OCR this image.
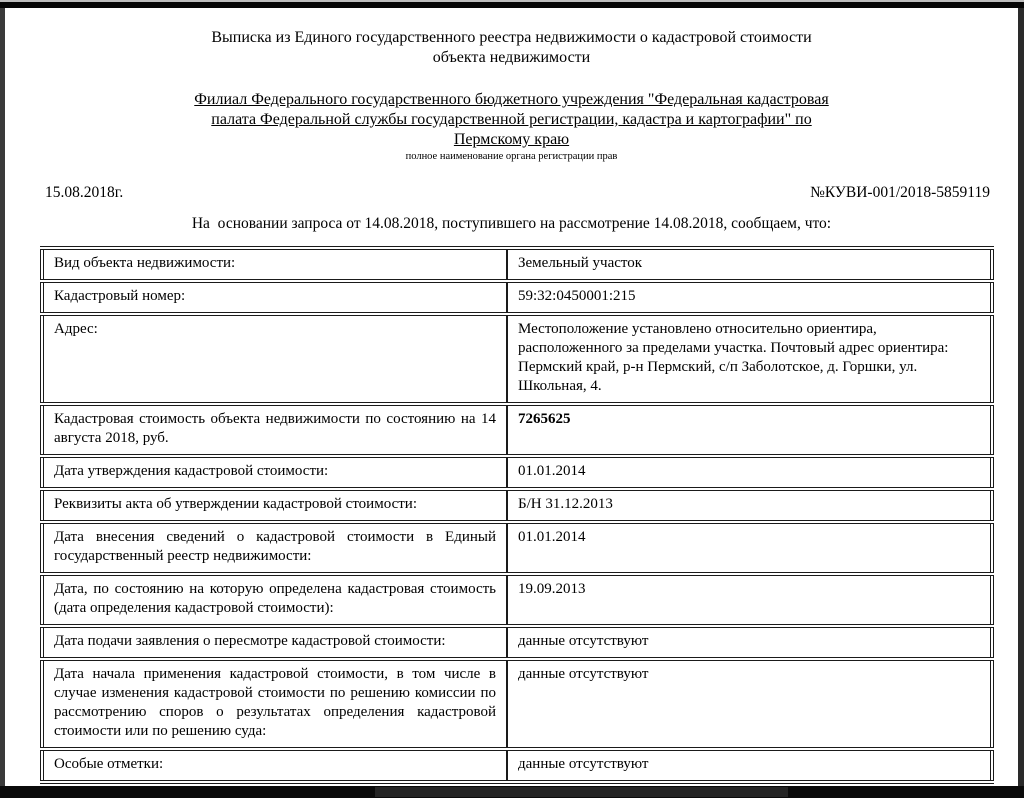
Выписка из Единого государственного реестра недвижимости о кадастровой стоимости
объекта недвижимости
Филиал Федерального государственного бюджетного учреждения "Федеральная кадастровая
палата Федеральной службы государственной регистрации, кадастра и картографии" по
Пермскому краю
полное наименование органа регистрации прав
15.08.2018г.	№КУВИ-001/2018-5859119
На  основании запроса от 14.08.2018, поступившего на рассмотрение 14.08.2018, сообщаем, что:
Вид объекта недвижимости:	Земельный участок
Кадастровый номер:	59:32:0450001:215
Адрес:	Местоположение установлено относительно ориентира, расположенного за пределами участка. Почтовый адрес ориентира: Пермский край, р-н Пермский, с/п Заболотское, д. Горшки, ул. Школьная, 4.
Кадастровая стоимость объекта недвижимости по состоянию на 14 августа 2018, руб.	7265625
Дата утверждения кадастровой стоимости:	01.01.2014
Реквизиты акта об утверждении кадастровой стоимости:	Б/Н 31.12.2013
Дата внесения сведений о кадастровой стоимости в Единый государственный реестр недвижимости:	01.01.2014
Дата, по состоянию на которую определена кадастровая стоимость (дата определения кадастровой стоимости):	19.09.2013
Дата подачи заявления о пересмотре кадастровой стоимости:	данные отсутствуют
Дата начала применения кадастровой стоимости, в том числе в случае изменения кадастровой стоимости по решению комиссии по рассмотрению споров о результатах определения кадастровой стоимости или по решению суда:	данные отсутствуют
Особые отметки:	данные отсутствуют
